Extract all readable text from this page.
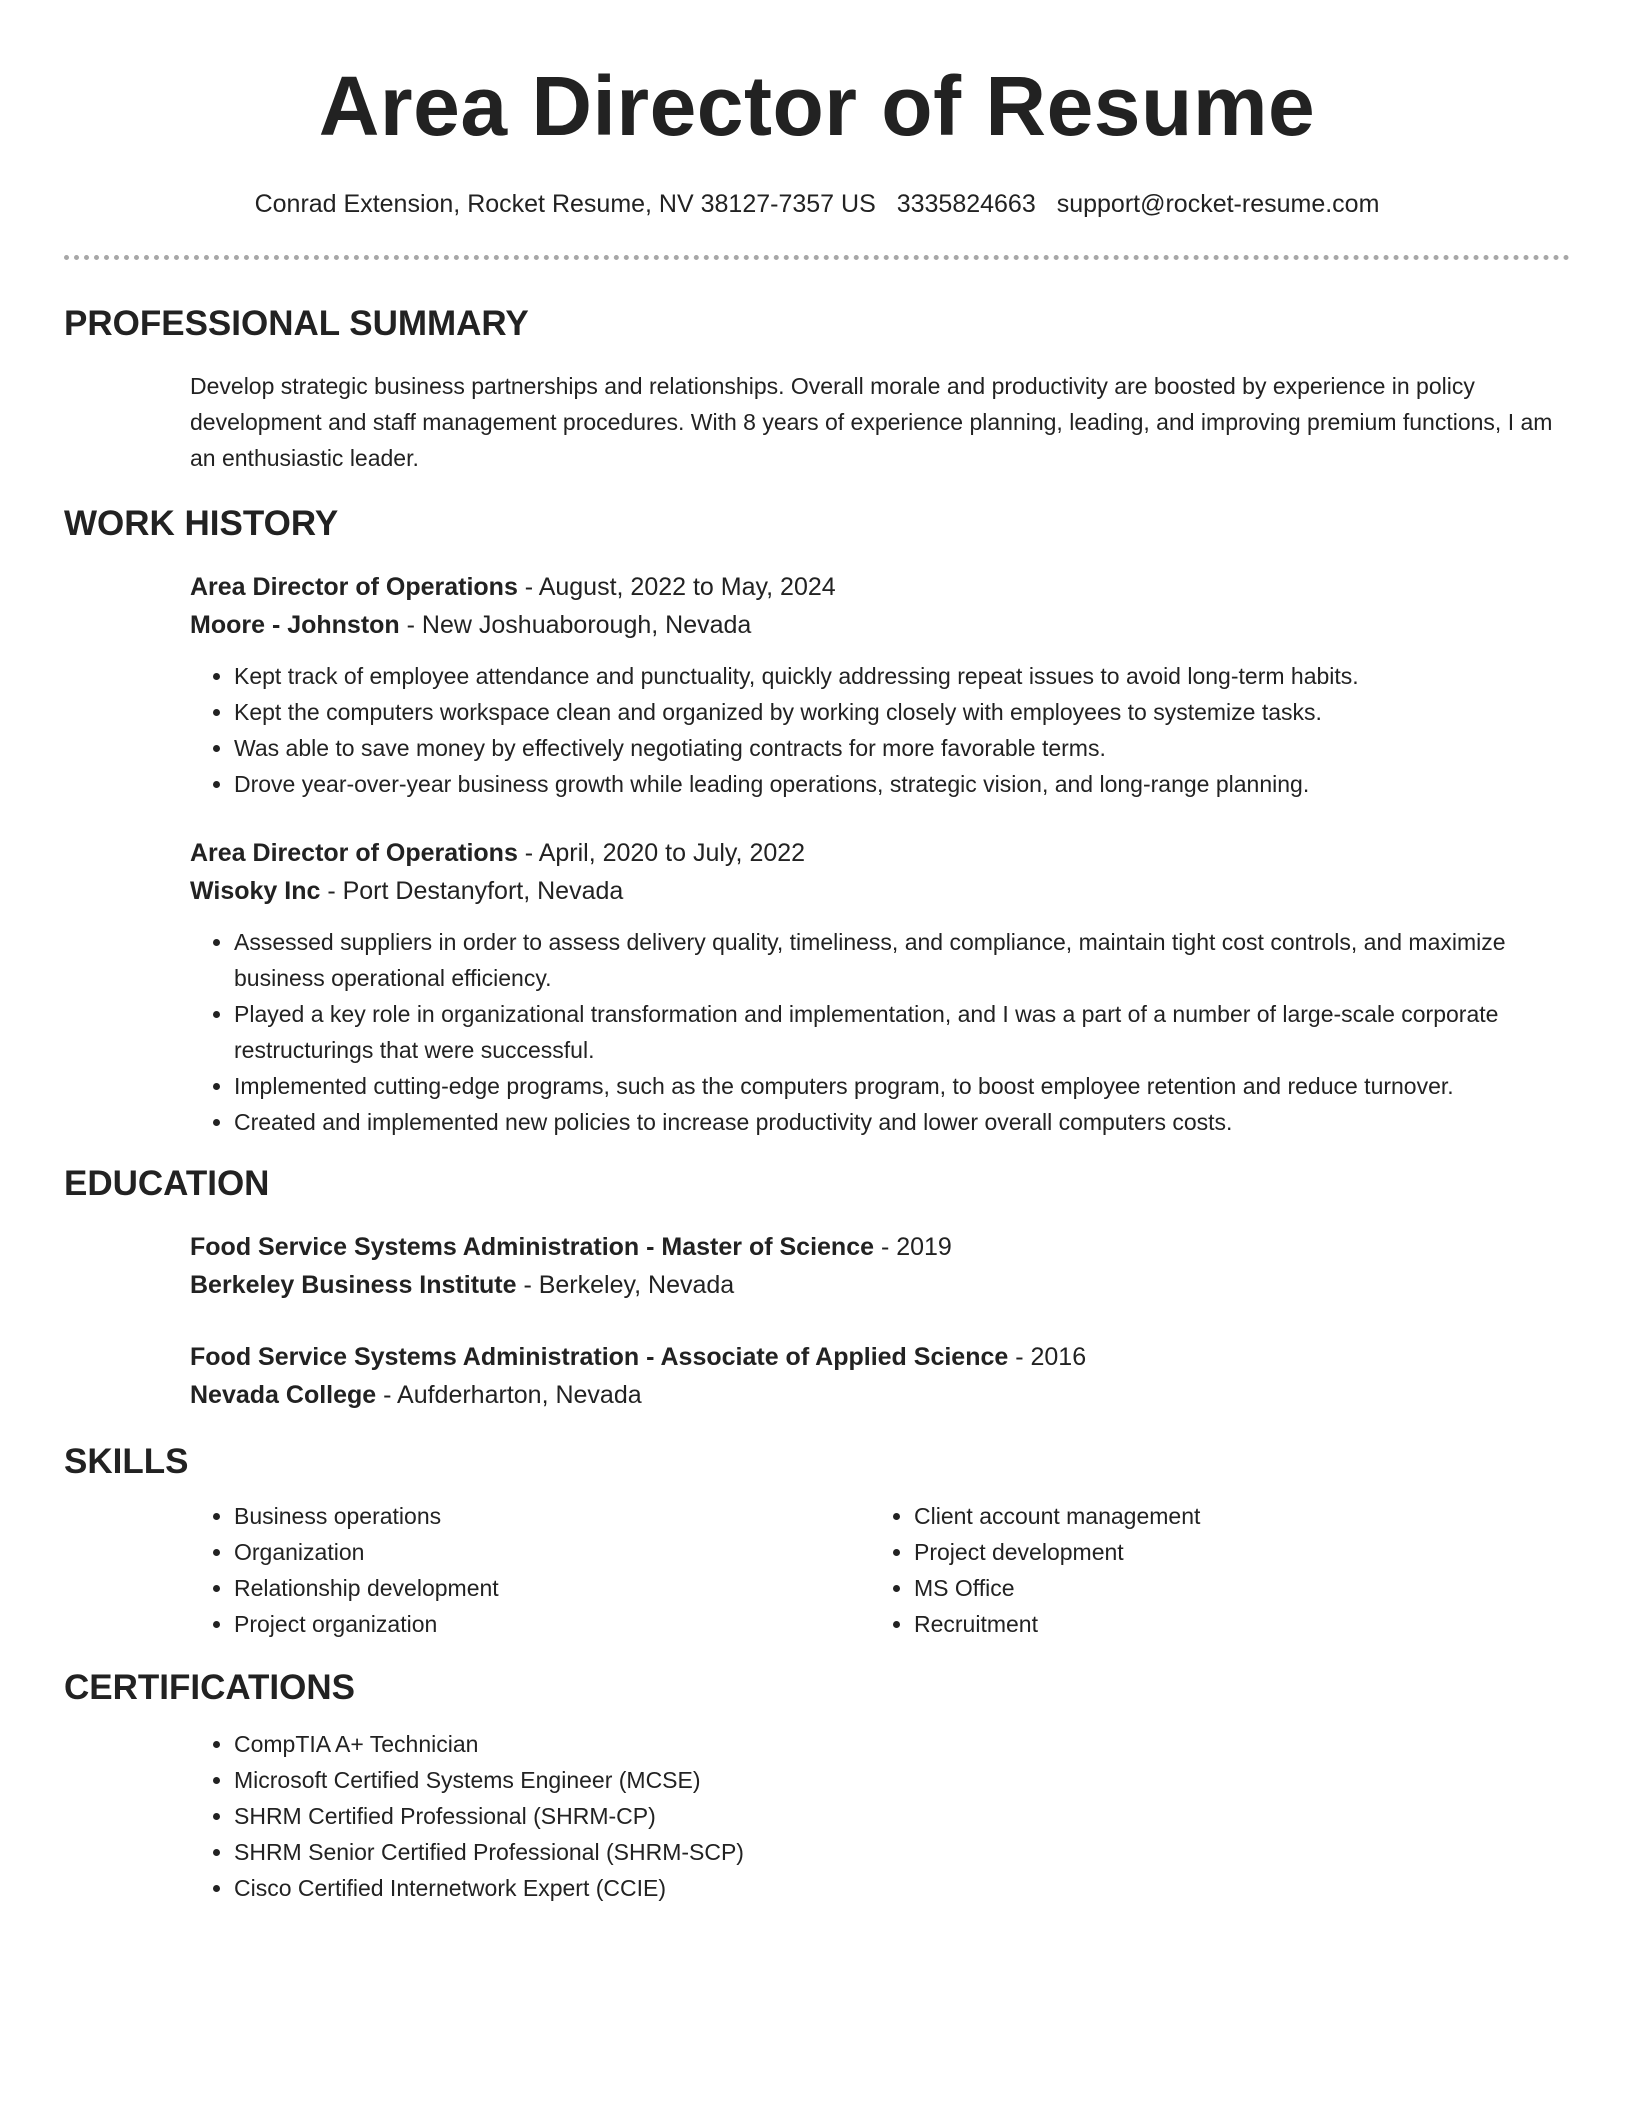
Area Director of Resume
Conrad Extension, Rocket Resume, NV 38127-7357 US 3335824663 support@rocket-resume.com
PROFESSIONAL SUMMARY
Develop strategic business partnerships and relationships. Overall morale and productivity are boosted by experience in policy development and staff management procedures. With 8 years of experience planning, leading, and improving premium functions, I am an enthusiastic leader.
WORK HISTORY
Area Director of Operations - August, 2022 to May, 2024
Moore - Johnston - New Joshuaborough, Nevada
• Kept track of employee attendance and punctuality, quickly addressing repeat issues to avoid long-term habits.
• Kept the computers workspace clean and organized by working closely with employees to systemize tasks.
• Was able to save money by effectively negotiating contracts for more favorable terms.
• Drove year-over-year business growth while leading operations, strategic vision, and long-range planning.
Area Director of Operations - April, 2020 to July, 2022
Wisoky Inc - Port Destanyfort, Nevada
• Assessed suppliers in order to assess delivery quality, timeliness, and compliance, maintain tight cost controls, and maximize business operational efficiency.
• Played a key role in organizational transformation and implementation, and I was a part of a number of large-scale corporate restructurings that were successful.
• Implemented cutting-edge programs, such as the computers program, to boost employee retention and reduce turnover.
• Created and implemented new policies to increase productivity and lower overall computers costs.
EDUCATION
Food Service Systems Administration - Master of Science - 2019
Berkeley Business Institute - Berkeley, Nevada
Food Service Systems Administration - Associate of Applied Science - 2016
Nevada College - Aufderharton, Nevada
SKILLS
• Business operations
• Organization
• Relationship development
• Project organization
• Client account management
• Project development
• MS Office
• Recruitment
CERTIFICATIONS
• CompTIA A+ Technician
• Microsoft Certified Systems Engineer (MCSE)
• SHRM Certified Professional (SHRM-CP)
• SHRM Senior Certified Professional (SHRM-SCP)
• Cisco Certified Internetwork Expert (CCIE)
